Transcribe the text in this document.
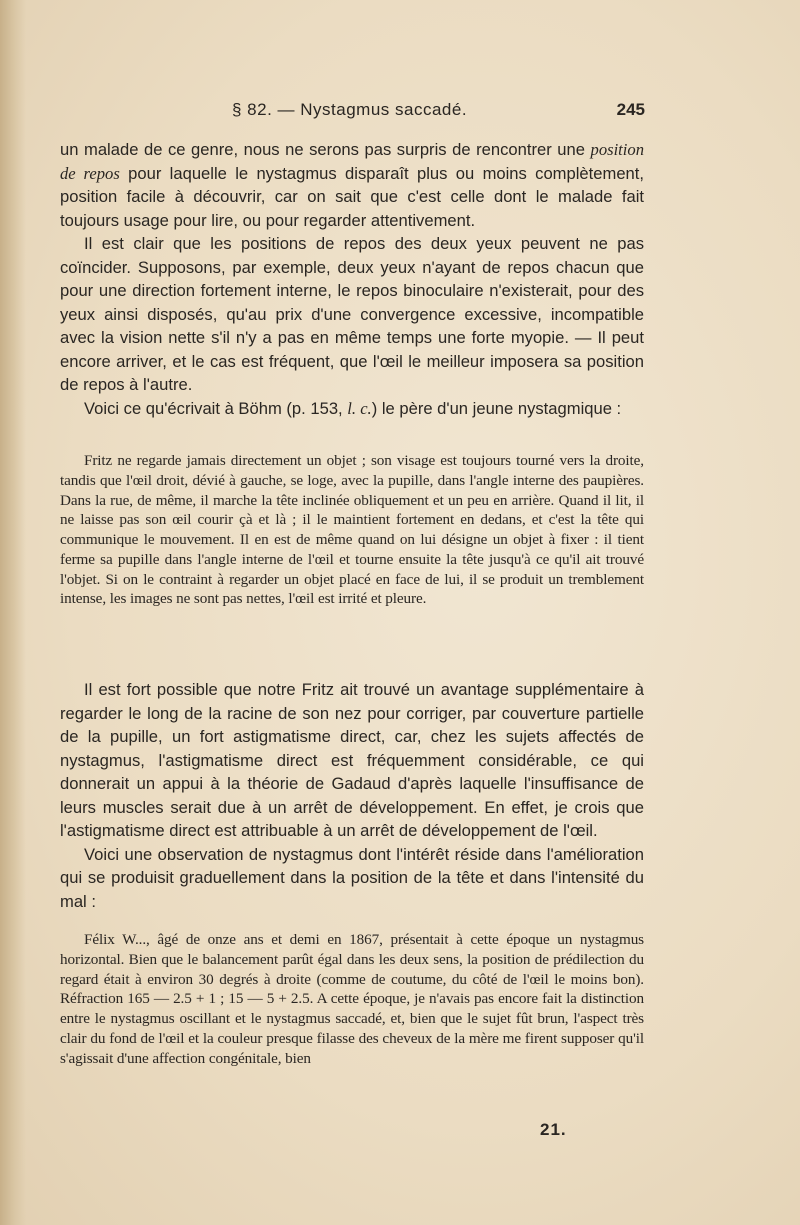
§ 82. — Nystagmus saccadé.	245

un malade de ce genre, nous ne serons pas surpris de rencontrer une position de repos pour laquelle le nystagmus disparaît plus ou moins complètement, position facile à découvrir, car on sait que c'est celle dont le malade fait toujours usage pour lire, ou pour regarder attentivement.

Il est clair que les positions de repos des deux yeux peuvent ne pas coïncider. Supposons, par exemple, deux yeux n'ayant de repos chacun que pour une direction fortement interne, le repos binoculaire n'existerait, pour des yeux ainsi disposés, qu'au prix d'une convergence excessive, incompatible avec la vision nette s'il n'y a pas en même temps une forte myopie. — Il peut encore arriver, et le cas est fréquent, que l'œil le meilleur imposera sa position de repos à l'autre.

Voici ce qu'écrivait à Böhm (p. 153, l. c.) le père d'un jeune nystagmique :

Fritz ne regarde jamais directement un objet ; son visage est toujours tourné vers la droite, tandis que l'œil droit, dévié à gauche, se loge, avec la pupille, dans l'angle interne des paupières. Dans la rue, de même, il marche la tête inclinée obliquement et un peu en arrière. Quand il lit, il ne laisse pas son œil courir çà et là ; il le maintient fortement en dedans, et c'est la tête qui communique le mouvement. Il en est de même quand on lui désigne un objet à fixer : il tient ferme sa pupille dans l'angle interne de l'œil et tourne ensuite la tête jusqu'à ce qu'il ait trouvé l'objet. Si on le contraint à regarder un objet placé en face de lui, il se produit un tremblement intense, les images ne sont pas nettes, l'œil est irrité et pleure.

Il est fort possible que notre Fritz ait trouvé un avantage supplémentaire à regarder le long de la racine de son nez pour corriger, par couverture partielle de la pupille, un fort astigmatisme direct, car, chez les sujets affectés de nystagmus, l'astigmatisme direct est fréquemment considérable, ce qui donnerait un appui à la théorie de Gadaud d'après laquelle l'insuffisance de leurs muscles serait due à un arrêt de développement. En effet, je crois que l'astigmatisme direct est attribuable à un arrêt de développement de l'œil.

Voici une observation de nystagmus dont l'intérêt réside dans l'amélioration qui se produisit graduellement dans la position de la tête et dans l'intensité du mal :

Félix W..., âgé de onze ans et demi en 1867, présentait à cette époque un nystagmus horizontal. Bien que le balancement parût égal dans les deux sens, la position de prédilection du regard était à environ 30 degrés à droite (comme de coutume, du côté de l'œil le moins bon). Réfraction 165 — 2.5 + 1 ; 15 — 5 + 2.5. A cette époque, je n'avais pas encore fait la distinction entre le nystagmus oscillant et le nystagmus saccadé, et, bien que le sujet fût brun, l'aspect très clair du fond de l'œil et la couleur presque filasse des cheveux de la mère me firent supposer qu'il s'agissait d'une affection congénitale, bien

21.
